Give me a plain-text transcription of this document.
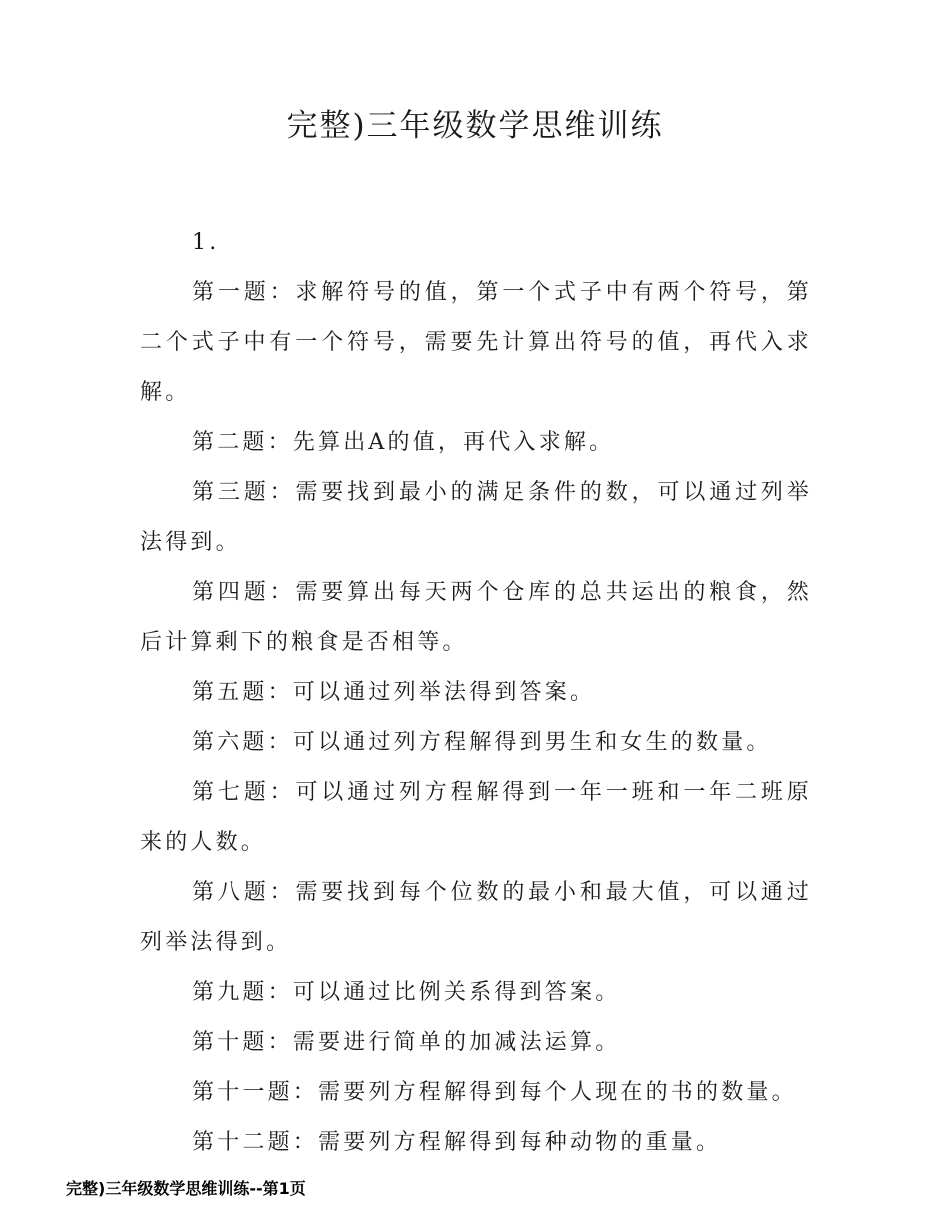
完整)三年级数学思维训练

1.

第一题：求解符号的值，第一个式子中有两个符号，第二个式子中有一个符号，需要先计算出符号的值，再代入求解。

第二题：先算出A的值，再代入求解。

第三题：需要找到最小的满足条件的数，可以通过列举法得到。

第四题：需要算出每天两个仓库的总共运出的粮食，然后计算剩下的粮食是否相等。

第五题：可以通过列举法得到答案。

第六题：可以通过列方程解得到男生和女生的数量。

第七题：可以通过列方程解得到一年一班和一年二班原来的人数。

第八题：需要找到每个位数的最小和最大值，可以通过列举法得到。

第九题：可以通过比例关系得到答案。

第十题：需要进行简单的加减法运算。

第十一题：需要列方程解得到每个人现在的书的数量。

第十二题：需要列方程解得到每种动物的重量。

完整)三年级数学思维训练--第1页
